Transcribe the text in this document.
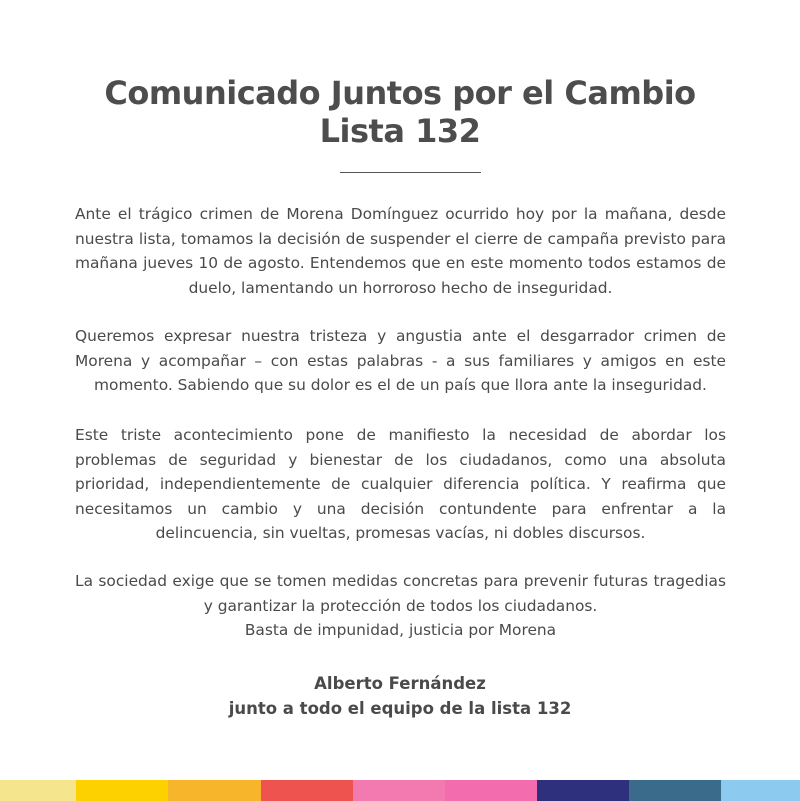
Comunicado Juntos por el Cambio
Lista 132
Ante el trágico crimen de Morena Domínguez ocurrido hoy por la mañana, desde nuestra lista, tomamos la decisión de suspender el cierre de campaña previsto para mañana jueves 10 de agosto. Entendemos que en este momento todos estamos de duelo, lamentando un horroroso hecho de inseguridad.
Queremos expresar nuestra tristeza y angustia ante el desgarrador crimen de Morena y acompañar – con estas palabras - a sus familiares y amigos en este momento. Sabiendo que su dolor es el de un país que llora ante la inseguridad.
Este triste acontecimiento pone de manifiesto la necesidad de abordar los problemas de seguridad y bienestar de los ciudadanos, como una absoluta prioridad, independientemente de cualquier diferencia política. Y reafirma que necesitamos un cambio y una decisión contundente para enfrentar a la delincuencia, sin vueltas, promesas vacías, ni dobles discursos.
La sociedad exige que se tomen medidas concretas para prevenir futuras tragedias y garantizar la protección de todos los ciudadanos.
Basta de impunidad, justicia por Morena
Alberto Fernández
junto a todo el equipo de la lista 132
